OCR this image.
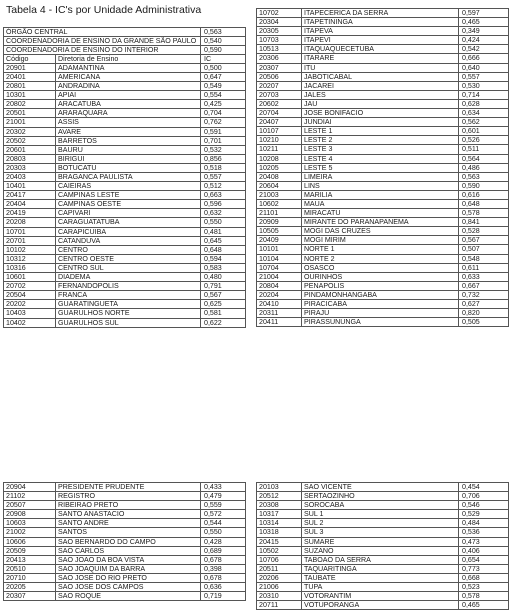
Tabela 4 - IC's por Unidade Administrativa
ÓRGÃO CENTRAL		0,563
COORDENADORIA DE ENSINO DA GRANDE SÃO PAULO		0,540
COORDENADORIA DE ENSINO DO INTERIOR		0,590
Código	Diretoria de Ensino	IC
20901	ADAMANTINA	0,500
20401	AMERICANA	0,647
20801	ANDRADINA	0,549
10301	APIAI	0,554
20802	ARACATUBA	0,425
20501	ARARAQUARA	0,704
21001	ASSIS	0,762
20302	AVARE	0,591
20502	BARRETOS	0,701
20601	BAURU	0,532
20803	BIRIGUI	0,856
20303	BOTUCATU	0,518
20403	BRAGANCA PAULISTA	0,557
10401	CAIEIRAS	0,512
20417	CAMPINAS LESTE	0,663
20404	CAMPINAS OESTE	0,596
20419	CAPIVARI	0,632
20208	CARAGUATATUBA	0,550
10701	CARAPICUIBA	0,481
20701	CATANDUVA	0,645
10102	CENTRO	0,648
10312	CENTRO OESTE	0,594
10316	CENTRO SUL	0,583
10601	DIADEMA	0,480
20702	FERNANDOPOLIS	0,791
20504	FRANCA	0,567
20202	GUARATINGUETA	0,625
10403	GUARULHOS NORTE	0,581
10402	GUARULHOS SUL	0,622
10702	ITAPECERICA DA SERRA	0,597
20304	ITAPETININGA	0,465
20305	ITAPEVA	0,349
10703	ITAPEVI	0,424
10513	ITAQUAQUECETUBA	0,542
20306	ITARARE	0,666
20307	ITU	0,640
20506	JABOTICABAL	0,557
20207	JACAREI	0,530
20703	JALES	0,714
20602	JAU	0,628
20704	JOSE BONIFACIO	0,634
20407	JUNDIAI	0,562
10107	LESTE 1	0,601
10210	LESTE 2	0,526
10211	LESTE 3	0,511
10208	LESTE 4	0,564
10205	LESTE 5	0,486
20408	LIMEIRA	0,563
20604	LINS	0,590
21003	MARILIA	0,616
10602	MAUA	0,648
21101	MIRACATU	0,578
20909	MIRANTE DO PARANAPANEMA	0,841
10505	MOGI DAS CRUZES	0,528
20409	MOGI MIRIM	0,567
10101	NORTE 1	0,507
10104	NORTE 2	0,548
10704	OSASCO	0,611
21004	OURINHOS	0,633
20804	PENAPOLIS	0,667
20204	PINDAMONHANGABA	0,732
20410	PIRACICABA	0,627
20311	PIRAJU	0,820
20411	PIRASSUNUNGA	0,505
20904	PRESIDENTE PRUDENTE	0,433
21102	REGISTRO	0,479
20507	RIBEIRAO PRETO	0,559
20908	SANTO ANASTACIO	0,572
10603	SANTO ANDRE	0,544
21002	SANTOS	0,550
10606	SAO BERNARDO DO CAMPO	0,428
20509	SAO CARLOS	0,689
20413	SAO JOAO DA BOA VISTA	0,678
20510	SAO JOAQUIM DA BARRA	0,398
20710	SAO JOSE DO RIO PRETO	0,678
20205	SAO JOSE DOS CAMPOS	0,636
20307	SAO ROQUE	0,719
20103	SAO VICENTE	0,454
20512	SERTAOZINHO	0,706
20308	SOROCABA	0,546
10317	SUL 1	0,529
10314	SUL 2	0,484
10318	SUL 3	0,536
20415	SUMARE	0,473
10502	SUZANO	0,406
10706	TABOAO DA SERRA	0,654
20511	TAQUARITINGA	0,773
20206	TAUBATE	0,668
21006	TUPA	0,523
20310	VOTORANTIM	0,578
20711	VOTUPORANGA	0,465
